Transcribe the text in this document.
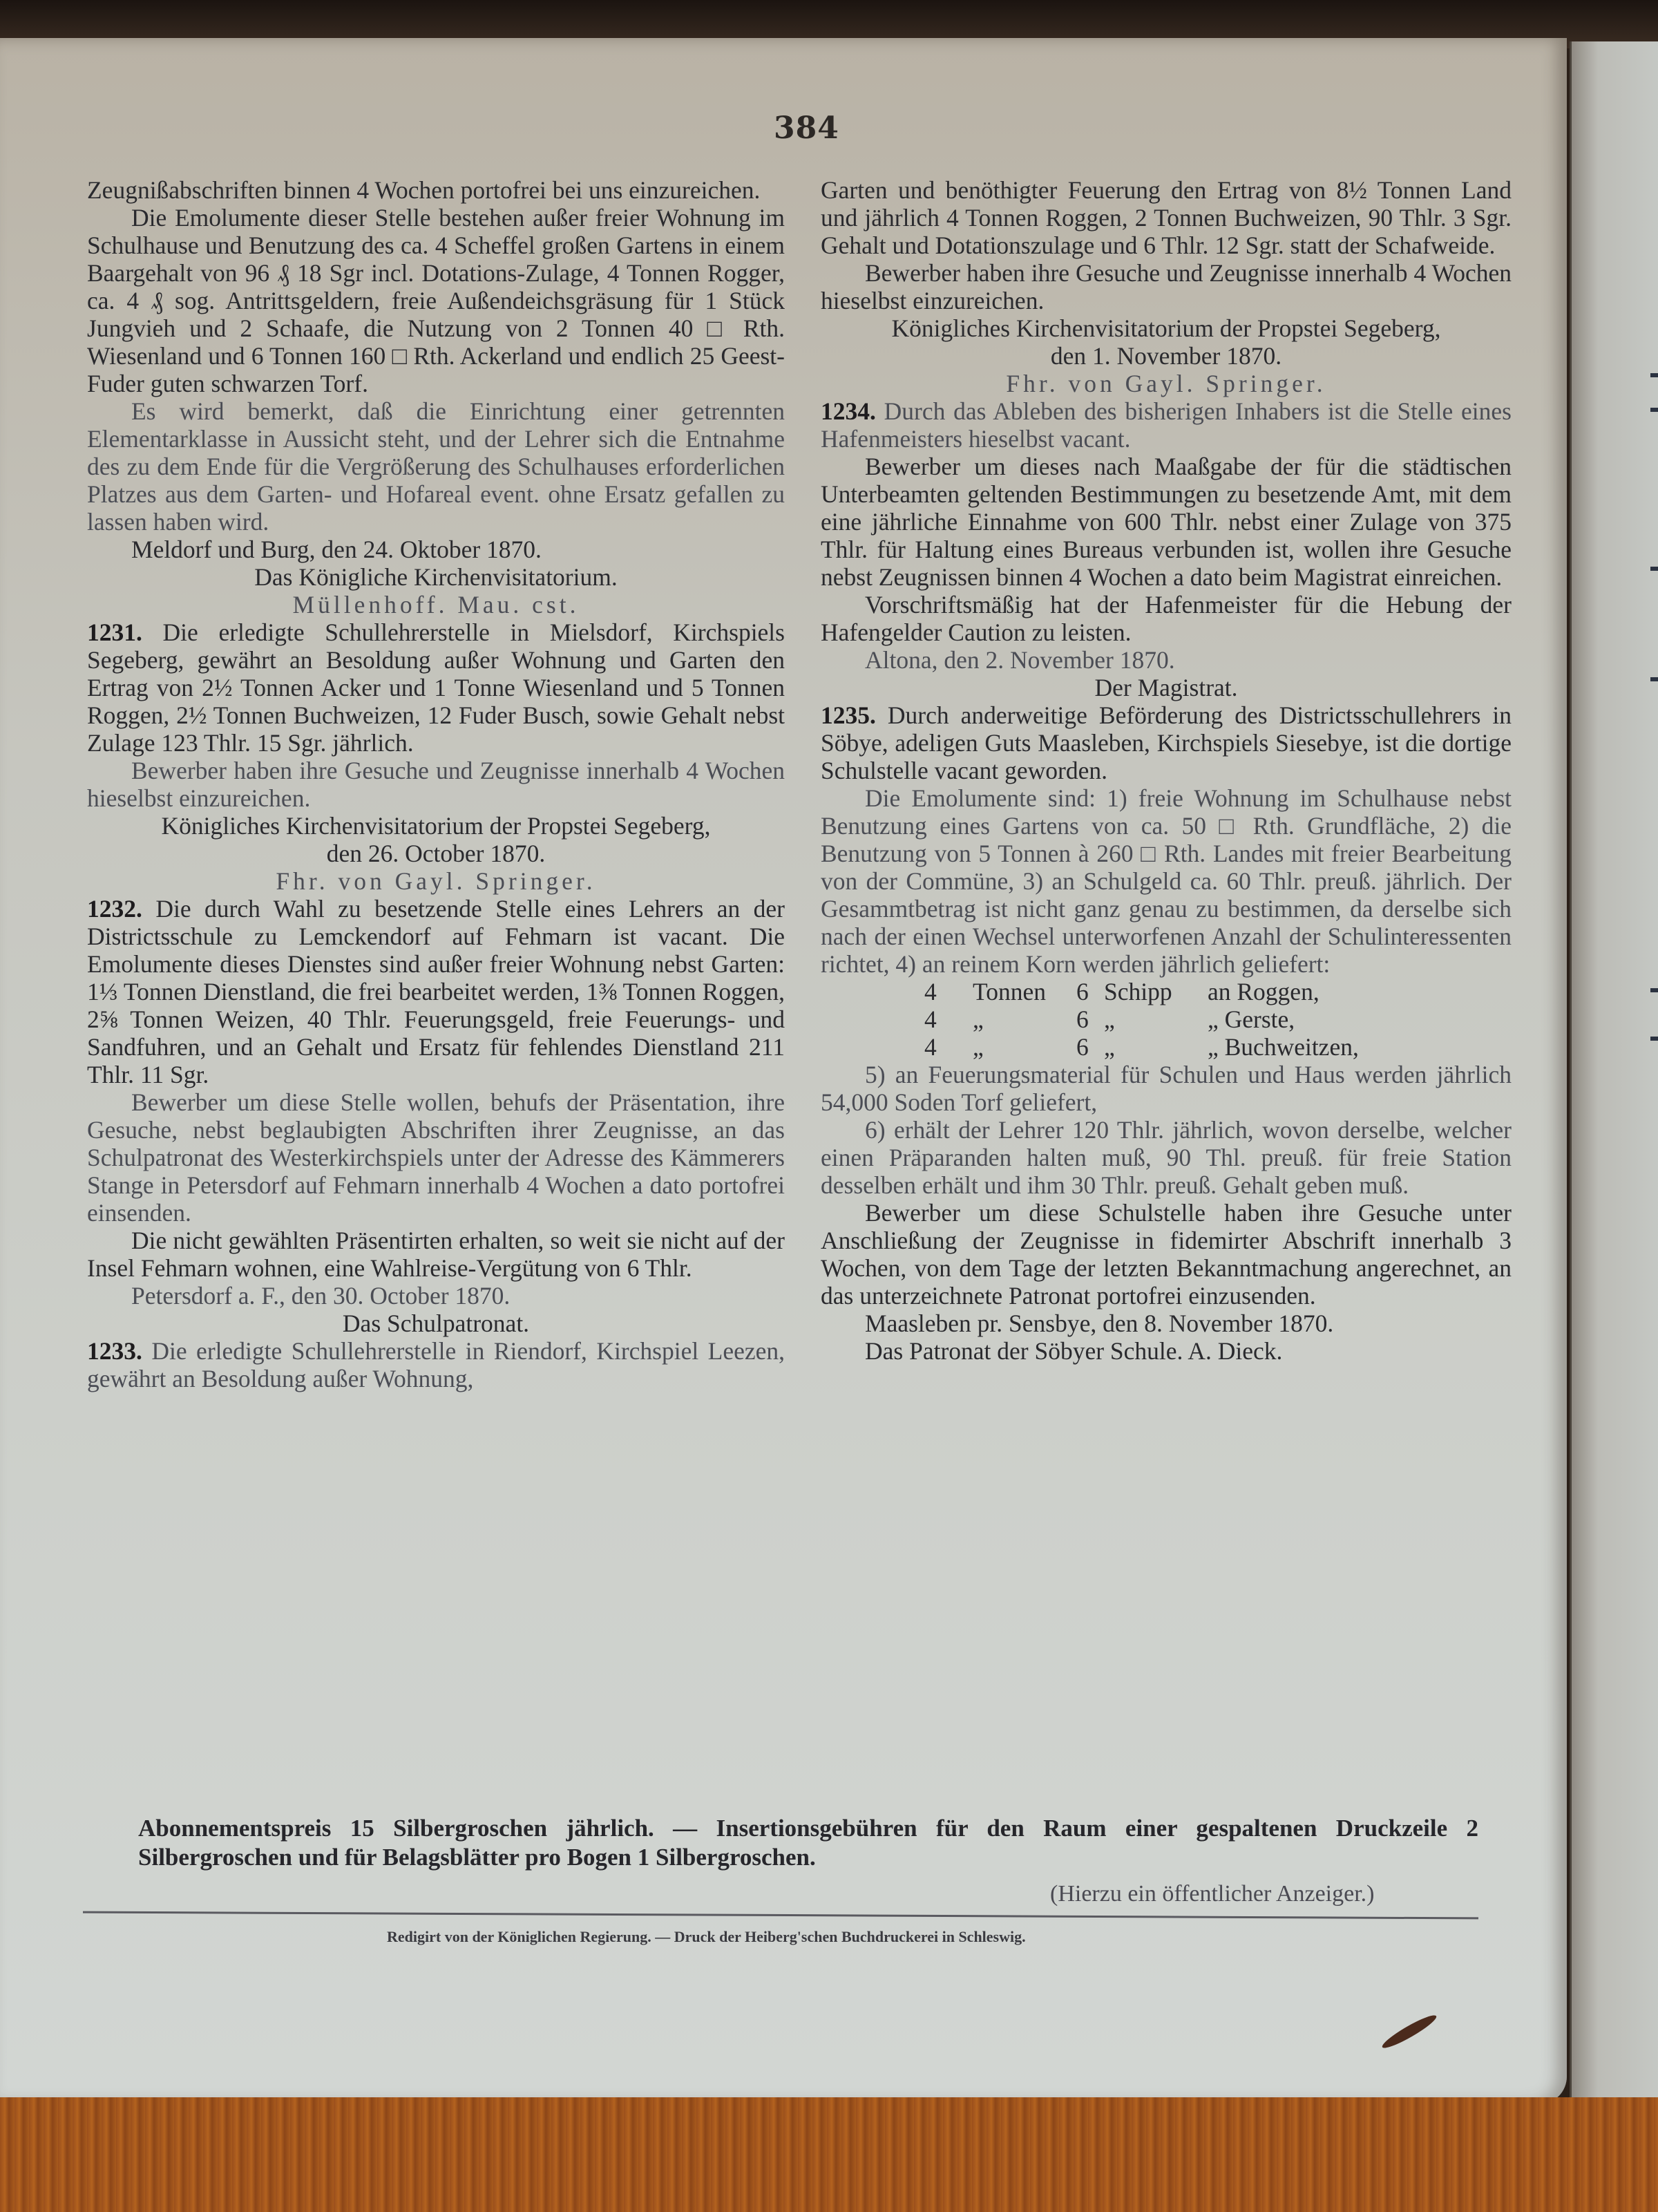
384

Zeugnißabschriften binnen 4 Wochen portofrei bei uns einzureichen.

Die Emolumente dieser Stelle bestehen außer freier Wohnung im Schulhause und Benutzung des ca. 4 Scheffel großen Gartens in einem Baargehalt von 96 ₰ 18 Sgr incl. Dotations-Zulage, 4 Tonnen Rogger, ca. 4 ₰ sog. Antrittsgeldern, freie Außendeichsgräsung für 1 Stück Jungvieh und 2 Schaafe, die Nutzung von 2 Tonnen 40 □ Rth. Wiesenland und 6 Tonnen 160 □ Rth. Ackerland und endlich 25 Geest-Fuder guten schwarzen Torf.

Es wird bemerkt, daß die Einrichtung einer getrennten Elementarklasse in Aussicht steht, und der Lehrer sich die Entnahme des zu dem Ende für die Vergrößerung des Schulhauses erforderlichen Platzes aus dem Garten- und Hofareal event. ohne Ersatz gefallen zu lassen haben wird.

Meldorf und Burg, den 24. Oktober 1870.

Das Königliche Kirchenvisitatorium.

Müllenhoff. Mau. cst.

1231. Die erledigte Schullehrerstelle in Mielsdorf, Kirchspiels Segeberg, gewährt an Besoldung außer Wohnung und Garten den Ertrag von 2½ Tonnen Acker und 1 Tonne Wiesenland und 5 Tonnen Roggen, 2½ Tonnen Buchweizen, 12 Fuder Busch, sowie Gehalt nebst Zulage 123 Thlr. 15 Sgr. jährlich.

Bewerber haben ihre Gesuche und Zeugnisse innerhalb 4 Wochen hieselbst einzureichen.

Königliches Kirchenvisitatorium der Propstei Segeberg,

den 26. October 1870.

Fhr. von Gayl. Springer.

1232. Die durch Wahl zu besetzende Stelle eines Lehrers an der Districtsschule zu Lemckendorf auf Fehmarn ist vacant. Die Emolumente dieses Dienstes sind außer freier Wohnung nebst Garten: 1⅓ Tonnen Dienstland, die frei bearbeitet werden, 1⅜ Tonnen Roggen, 2⅝ Tonnen Weizen, 40 Thlr. Feuerungsgeld, freie Feuerungs- und Sandfuhren, und an Gehalt und Ersatz für fehlendes Dienstland 211 Thlr. 11 Sgr.

Bewerber um diese Stelle wollen, behufs der Präsentation, ihre Gesuche, nebst beglaubigten Abschriften ihrer Zeugnisse, an das Schulpatronat des Westerkirchspiels unter der Adresse des Kämmerers Stange in Petersdorf auf Fehmarn innerhalb 4 Wochen a dato portofrei einsenden.

Die nicht gewählten Präsentirten erhalten, so weit sie nicht auf der Insel Fehmarn wohnen, eine Wahlreise-Vergütung von 6 Thlr.

Petersdorf a. F., den 30. October 1870.

Das Schulpatronat.

1233. Die erledigte Schullehrerstelle in Riendorf, Kirchspiel Leezen, gewährt an Besoldung außer Wohnung,

Garten und benöthigter Feuerung den Ertrag von 8½ Tonnen Land und jährlich 4 Tonnen Roggen, 2 Tonnen Buchweizen, 90 Thlr. 3 Sgr. Gehalt und Dotationszulage und 6 Thlr. 12 Sgr. statt der Schafweide.

Bewerber haben ihre Gesuche und Zeugnisse innerhalb 4 Wochen hieselbst einzureichen.

Königliches Kirchenvisitatorium der Propstei Segeberg,

den 1. November 1870.

Fhr. von Gayl. Springer.

1234. Durch das Ableben des bisherigen Inhabers ist die Stelle eines Hafenmeisters hieselbst vacant.

Bewerber um dieses nach Maaßgabe der für die städtischen Unterbeamten geltenden Bestimmungen zu besetzende Amt, mit dem eine jährliche Einnahme von 600 Thlr. nebst einer Zulage von 375 Thlr. für Haltung eines Bureaus verbunden ist, wollen ihre Gesuche nebst Zeugnissen binnen 4 Wochen a dato beim Magistrat einreichen.

Vorschriftsmäßig hat der Hafenmeister für die Hebung der Hafengelder Caution zu leisten.

Altona, den 2. November 1870.

Der Magistrat.

1235. Durch anderweitige Beförderung des Districtsschullehrers in Söbye, adeligen Guts Maasleben, Kirchspiels Siesebye, ist die dortige Schulstelle vacant geworden.

Die Emolumente sind: 1) freie Wohnung im Schulhause nebst Benutzung eines Gartens von ca. 50 □ Rth. Grundfläche, 2) die Benutzung von 5 Tonnen à 260 □ Rth. Landes mit freier Bearbeitung von der Commüne, 3) an Schulgeld ca. 60 Thlr. preuß. jährlich. Der Gesammtbetrag ist nicht ganz genau zu bestimmen, da derselbe sich nach der einen Wechsel unterworfenen Anzahl der Schulinteressenten richtet, 4) an reinem Korn werden jährlich geliefert:

4	Tonnen	6 Schipp	an Roggen,
4	„	6 „	„ Gerste,
4	„	6 „	„ Buchweitzen,

5) an Feuerungsmaterial für Schulen und Haus werden jährlich 54,000 Soden Torf geliefert,

6) erhält der Lehrer 120 Thlr. jährlich, wovon derselbe, welcher einen Präparanden halten muß, 90 Thl. preuß. für freie Station desselben erhält und ihm 30 Thlr. preuß. Gehalt geben muß.

Bewerber um diese Schulstelle haben ihre Gesuche unter Anschließung der Zeugnisse in fidemirter Abschrift innerhalb 3 Wochen, von dem Tage der letzten Bekanntmachung angerechnet, an das unterzeichnete Patronat portofrei einzusenden.

Maasleben pr. Sensbye, den 8. November 1870.

Das Patronat der Söbyer Schule. A. Dieck.

Abonnementspreis 15 Silbergroschen jährlich. — Insertionsgebühren für den Raum einer gespaltenen Druckzeile 2 Silbergroschen und für Belagsblätter pro Bogen 1 Silbergroschen.
(Hierzu ein öffentlicher Anzeiger.)
Redigirt von der Königlichen Regierung. — Druck der Heiberg'schen Buchdruckerei in Schleswig.
